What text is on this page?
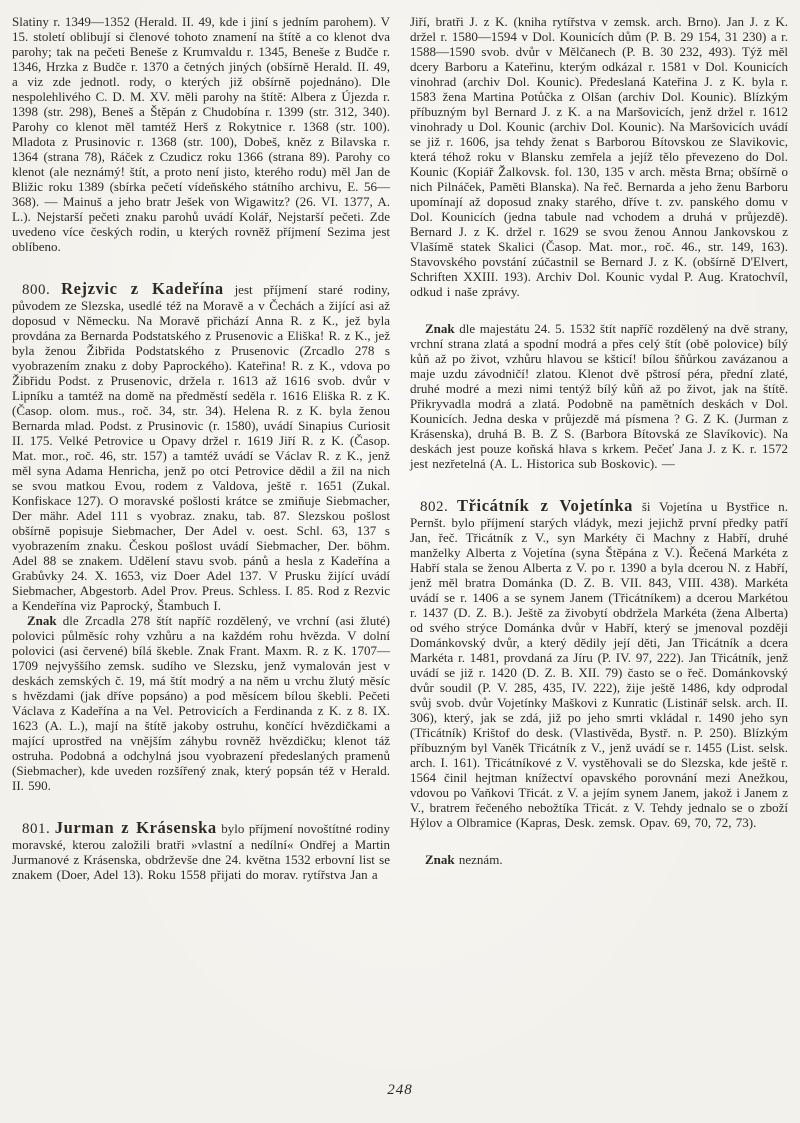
Slatiny r. 1349—1352 (Herald. II. 49, kde i jiní s jedním parohem). V 15. století oblibují si členové tohoto znamení na štítě a co klenot dva parohy; tak na pečeti Beneše z Krumvaldu r. 1345, Beneše z Budče r. 1346, Hrzka z Budče r. 1370 a četných jiných (obšírně Herald. II. 49, a viz zde jednotl. rody, o kterých již obšírně pojednáno). Dle nespolehlivého C. D. M. XV. měli parohy na štítě: Albera z Újezda r. 1398 (str. 298), Beneš a Štěpán z Chudobína r. 1399 (str. 312, 340). Parohy co klenot měl tamtéž Herš z Rokytnice r. 1368 (str. 100). Mladota z Prusinovic r. 1368 (str. 100), Dobeš, kněz z Bilavska r. 1364 (strana 78), Ráček z Czudicz roku 1366 (strana 89). Parohy co klenot (ale neznámý! štít, a proto není jisto, kterého rodu) měl Jan de Bližic roku 1389 (sbírka pečetí vídeňského státního archivu, E. 56—368). — Mainuš a jeho bratr Ješek von Wigawitz? (26. VI. 1377, A. L.). Nejstarší pečeti znaku parohů uvádí Kolář, Nejstarší pečeti. Zde uvedeno více českých rodin, u kterých rovněž příjmení Sezima jest oblíbeno.

800. Rejzvic z Kadeřína jest příjmení staré rodiny, původem ze Slezska, usedlé též na Moravě a v Čechách a žijící asi až doposud v Německu. Na Moravě přichází Anna R. z K., jež byla provdána za Bernarda Podstatského z Prusenovic a Eliška! R. z K., jež byla ženou Žibřida Podstatského z Prusenovic (Zrcadlo 278 s vyobrazením znaku z doby Paprockého). Kateřina! R. z K., vdova po Žibřidu Podst. z Prusenovic, držela r. 1613 až 1616 svob. dvůr v Lipníku a tamtéž na domě na předměstí seděla r. 1616 Eliška R. z K. (Časop. olom. mus., roč. 34, str. 34). Helena R. z K. byla ženou Bernarda mlad. Podst. z Prusinovic (r. 1580), uvádí Sinapius Curiosit II. 175. Velké Petrovice u Opavy držel r. 1619 Jiří R. z K. (Časop. Mat. mor., roč. 46, str. 157) a tamtéž uvádí se Václav R. z K., jenž měl syna Adama Henricha, jenž po otci Petrovice dědil a žil na nich se svou matkou Evou, rodem z Valdova, ještě r. 1651 (Zukal. Konfiskace 127). O moravské pošlosti krátce se zmiňuje Siebmacher, Der mähr. Adel 111 s vyobraz. znaku, tab. 87. Slezskou pošlost obšírně popisuje Siebmacher, Der Adel v. oest. Schl. 63, 137 s vyobrazením znaku. Českou pošlost uvádí Siebmacher, Der. böhm. Adel 88 se znakem. Udělení stavu svob. pánů a hesla z Kadeřína a Grabůvky 24. X. 1653, viz Doer Adel 137. V Prusku žijící uvádí Siebmacher, Abgestorb. Adel Prov. Preus. Schless. I. 85. Rod z Rezvic a Kendeřína viz Paprocký, Štambuch I.

Znak dle Zrcadla 278 štít napříč rozdělený, ve vrchní (asi žluté) polovici půlměsíc rohy vzhůru a na každém rohu hvězda. V dolní polovici (asi červené) bílá škeble. Znak Frant. Maxm. R. z K. 1707—1709 nejvyššího zemsk. sudího ve Slezsku, jenž vymalován jest v deskách zemských č. 19, má štít modrý a na něm u vrchu žlutý měsíc s hvězdami (jak dříve popsáno) a pod měsícem bílou škebli. Pečeti Václava z Kadeřína a na Vel. Petrovicích a Ferdinanda z K. z 8. IX. 1623 (A. L.), mají na štítě jakoby ostruhu, končící hvězdičkami a mající uprostřed na vnějším záhybu rovněž hvězdičku; klenot táž ostruha. Podobná a odchylná jsou vyobrazení předeslaných pramenů (Siebmacher), kde uveden rozšířený znak, který popsán též v Herald. II. 590.

801. Jurman z Krásenska bylo příjmení novoštítné rodiny moravské, kterou založili bratři »vlastní a nedílní« Ondřej a Martin Jurmanové z Krásenska, obdrževše dne 24. května 1532 erbovní list se znakem (Doer, Adel 13). Roku 1558 přijati do morav. rytířstva Jan a

Jiří, bratři J. z K. (kniha rytířstva v zemsk. arch. Brno). Jan J. z K. držel r. 1580—1594 v Dol. Kounicích dům (P. B. 29 154, 31 230) a r. 1588—1590 svob. dvůr v Mělčanech (P. B. 30 232, 493). Týž měl dcery Barboru a Kateřinu, kterým odkázal r. 1581 v Dol. Kounicích vinohrad (archiv Dol. Kounic). Předeslaná Kateřina J. z K. byla r. 1583 žena Martina Potůčka z Olšan (archiv Dol. Kounic). Blízkým příbuzným byl Bernard J. z K. a na Maršovicích, jenž držel r. 1612 vinohrady u Dol. Kounic (archiv Dol. Kounic). Na Maršovicích uvádí se již r. 1606, jsa tehdy ženat s Barborou Bítovskou ze Slavikovic, která téhož roku v Blansku zemřela a jejíž tělo převezeno do Dol. Kounic (Kopiář Žalkovsk. fol. 130, 135 v arch. města Brna; obšírně o nich Pilnáček, Paměti Blanska). Na řeč. Bernarda a jeho ženu Barboru upomínají až doposud znaky starého, dříve t. zv. panského domu v Dol. Kounicích (jedna tabule nad vchodem a druhá v průjezdě). Bernard J. z K. držel r. 1629 se svou ženou Annou Jankovskou z Vlašímě statek Skalici (Časop. Mat. mor., roč. 46., str. 149, 163). Stavovského povstání zúčastnil se Bernard J. z K. (obšírně D'Elvert, Schriften XXIII. 193). Archiv Dol. Kounic vydal P. Aug. Kratochvíl, odkud i naše zprávy.

Znak dle majestátu 24. 5. 1532 štít napříč rozdělený na dvě strany, vrchní strana zlatá a spodní modrá a přes celý štít (obě polovice) bílý kůň až po život, vzhůru hlavou se kšticí! bílou šňůrkou zavázanou a maje uzdu závodničí! zlatou. Klenot dvě pštrosí péra, přední zlaté, druhé modré a mezi nimi tentýž bílý kůň až po život, jak na štítě. Přikryvadla modrá a zlatá. Podobně na pamětních deskách v Dol. Kounicích. Jedna deska v průjezdě má písmena ? G. Z K. (Jurman z Krásenska), druhá B. B. Z S. (Barbora Bítovská ze Slavíkovic). Na deskách jest pouze koňská hlava s krkem. Pečeť Jana J. z K. r. 1572 jest nezřetelná (A. L. Historica sub Boskovic). —

802. Třicátník z Vojetínka ši Vojetína u Bystřice n. Pernšt. bylo příjmení starých vládyk, mezi jejichž první předky patří Jan, řeč. Třicátník z V., syn Markéty či Machny z Habří, druhé manželky Alberta z Vojetína (syna Štěpána z V.). Řečená Markéta z Habří stala se ženou Alberta z V. po r. 1390 a byla dcerou N. z Habří, jenž měl bratra Dománka (D. Z. B. VII. 843, VIII. 438). Markéta uvádí se r. 1406 a se synem Janem (Třicátníkem) a dcerou Markétou r. 1437 (D. Z. B.). Ještě za živobytí obdržela Markéta (žena Alberta) od svého strýce Dománka dvůr v Habří, který se jmenoval později Dománkovský dvůr, a který dědily její děti, Jan Třicátník a dcera Markéta r. 1481, provdaná za Jíru (P. IV. 97, 222). Jan Třicátník, jenž uvádí se již r. 1420 (D. Z. B. XII. 79) často se o řeč. Dománkovský dvůr soudil (P. V. 285, 435, IV. 222), žije ještě 1486, kdy odprodal svůj svob. dvůr Vojetínky Maškovi z Kunratic (Listinář selsk. arch. II. 306), který, jak se zdá, již po jeho smrti vkládal r. 1490 jeho syn (Třicátník) Krištof do desk. (Vlastivěda, Bystř. n. P. 250). Blízkým příbuzným byl Vaněk Třicátník z V., jenž uvádí se r. 1455 (List. selsk. arch. I. 161). Třicátníkové z V. vystěhovali se do Slezska, kde ještě r. 1564 činil hejtman knížectví opavského porovnání mezi Anežkou, vdovou po Vaňkovi Třicát. z V. a jejím synem Janem, jakož i Janem z V., bratrem řečeného nebožtíka Třicát. z V. Tehdy jednalo se o zboží Hýlov a Olbramice (Kapras, Desk. zemsk. Opav. 69, 70, 72, 73).

Znak neznám.

248
